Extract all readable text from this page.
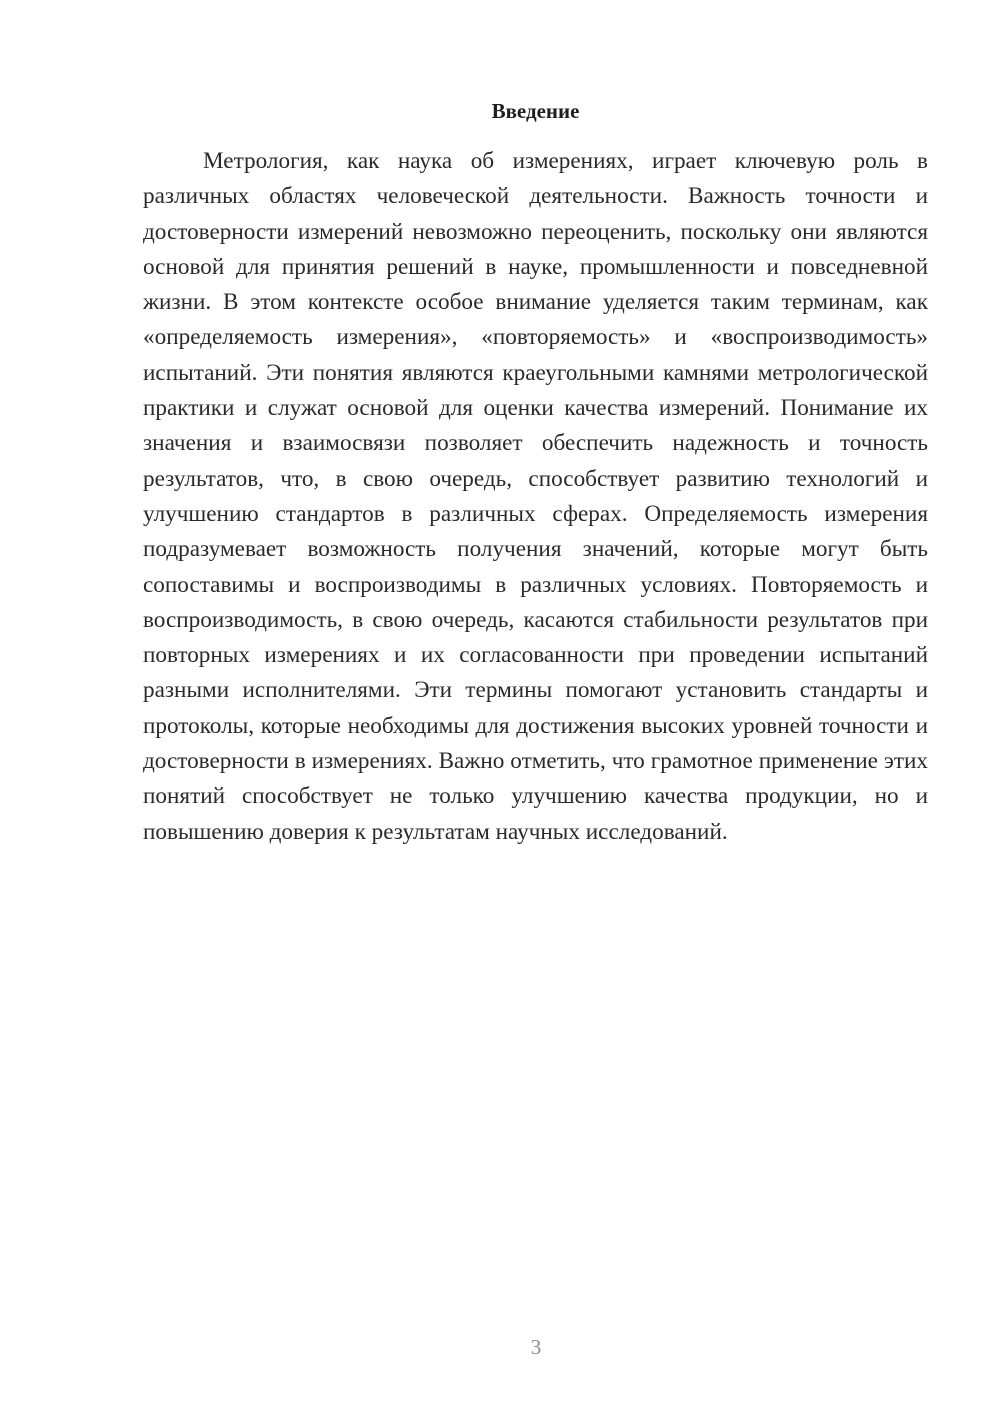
Введение

Метрология, как наука об измерениях, играет ключевую роль в различных областях человеческой деятельности. Важность точности и достоверности измерений невозможно переоценить, поскольку они являются основой для принятия решений в науке, промышленности и повседневной жизни. В этом контексте особое внимание уделяется таким терминам, как «определяемость измерения», «повторяемость» и «воспроизводимость» испытаний. Эти понятия являются краеугольными камнями метрологической практики и служат основой для оценки качества измерений. Понимание их значения и взаимосвязи позволяет обеспечить надежность и точность результатов, что, в свою очередь, способствует развитию технологий и улучшению стандартов в различных сферах. Определяемость измерения подразумевает возможность получения значений, которые могут быть сопоставимы и воспроизводимы в различных условиях. Повторяемость и воспроизводимость, в свою очередь, касаются стабильности результатов при повторных измерениях и их согласованности при проведении испытаний разными исполнителями. Эти термины помогают установить стандарты и протоколы, которые необходимы для достижения высоких уровней точности и достоверности в измерениях. Важно отметить, что грамотное применение этих понятий способствует не только улучшению качества продукции, но и повышению доверия к результатам научных исследований.

3
